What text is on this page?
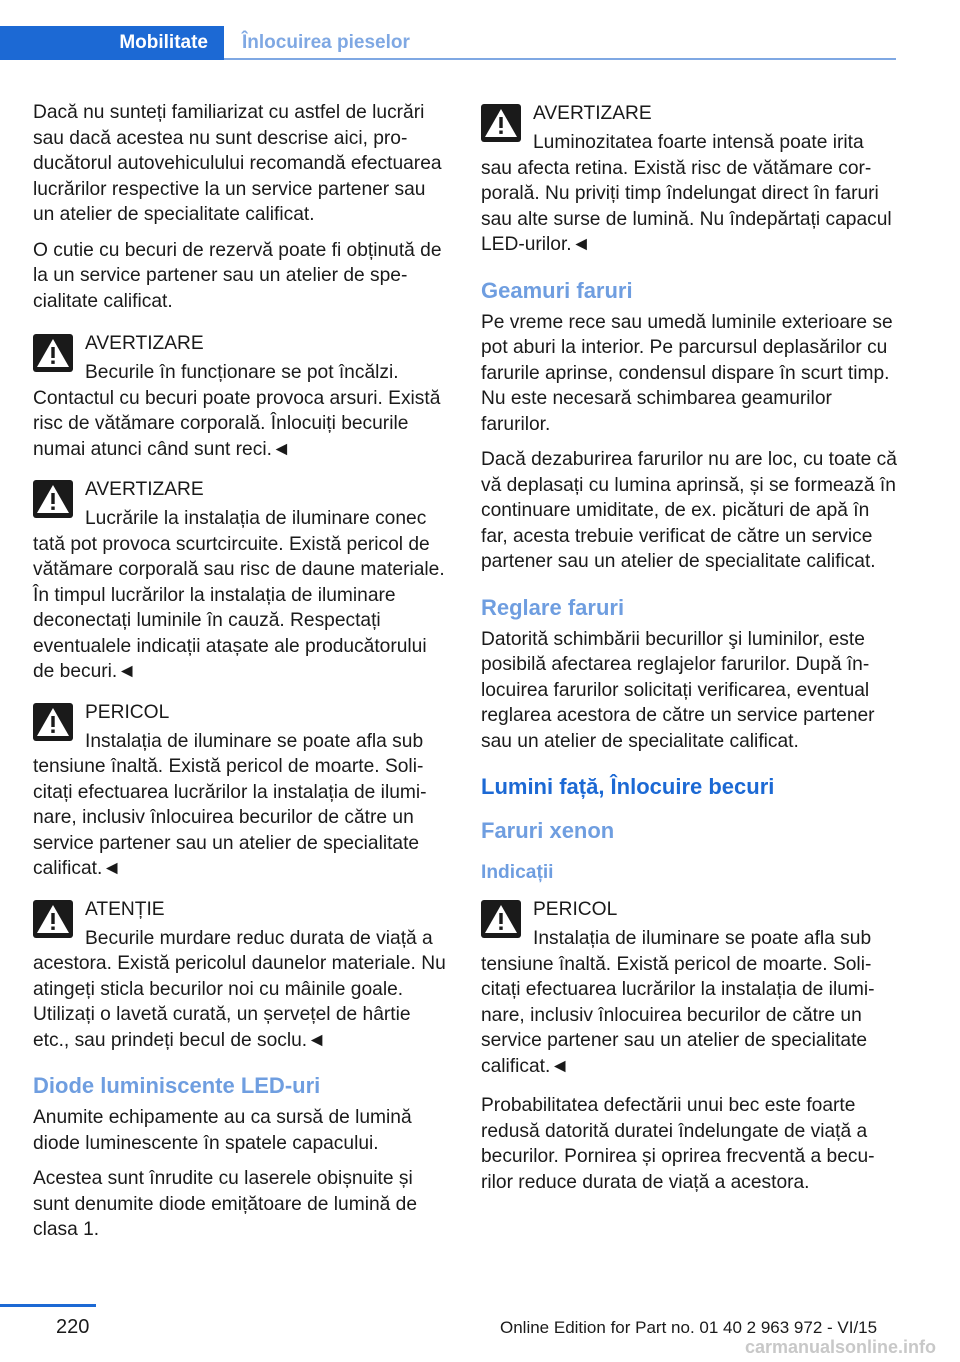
Mobilitate Înlocuirea pieselor

Dacă nu sunteți familiarizat cu astfel de lucrări sau dacă acestea nu sunt descrise aici, producătorul autovehiculului recomandă efectuarea lucrărilor respective la un service partener sau un atelier de specialitate calificat.

O cutie cu becuri de rezervă poate fi obținută de la un service partener sau un atelier de specialitate calificat.

AVERTIZARE
Becurile în funcționare se pot încălzi.
Contactul cu becuri poate provoca arsuri. Există risc de vătămare corporală. Înlocuiți becurile numai atunci când sunt reci.◄
AVERTIZARE
Lucrările la instalația de iluminare conec
tată pot provoca scurtcircuite. Există pericol de vătămare corporală sau risc de daune materiale. În timpul lucrărilor la instalația de iluminare deconectați luminile în cauză. Respectați eventualele indicații atașate ale producătorului de becuri.◄
PERICOL
Instalația de iluminare se poate afla sub
tensiune înaltă. Există pericol de moarte. Solicitați efectuarea lucrărilor la instalația de iluminare, inclusiv înlocuirea becurilor de către un service partener sau un atelier de specialitate calificat.◄
ATENȚIE
Becurile murdare reduc durata de viață a
acestora. Există pericolul daunelor materiale. Nu atingeți sticla becurilor noi cu mâinile goale. Utilizați o lavetă curată, un șervețel de hârtie etc., sau prindeți becul de soclu.◄
Diode luminiscente LED-uri

Anumite echipamente au ca sursă de lumină diode luminescente în spatele capacului.

Acestea sunt înrudite cu laserele obișnuite și sunt denumite diode emițătoare de lumină de clasa 1.

AVERTIZARE
Luminozitatea foarte intensă poate irita
sau afecta retina. Există risc de vătămare corporală. Nu priviți timp îndelungat direct în faruri sau alte surse de lumină. Nu îndepărtați capacul LED-urilor.◄
Geamuri faruri

Pe vreme rece sau umedă luminile exterioare se pot aburi la interior. Pe parcursul deplasărilor cu farurile aprinse, condensul dispare în scurt timp. Nu este necesară schimbarea geamurilor farurilor.

Dacă dezaburirea farurilor nu are loc, cu toate că vă deplasați cu lumina aprinsă, și se formează în continuare umiditate, de ex. picături de apă în far, acesta trebuie verificat de către un service partener sau un atelier de specialitate calificat.

Reglare faruri

Datorită schimbării becurillor şi luminilor, este posibilă afectarea reglajelor farurilor. După înlocuirea farurilor solicitați verificarea, eventual reglarea acestora de către un service partener sau un atelier de specialitate calificat.

Lumini față, Înlocuire becuri
Faruri xenon
Indicații
PERICOL
Instalația de iluminare se poate afla sub
tensiune înaltă. Există pericol de moarte. Solicitați efectuarea lucrărilor la instalația de iluminare, inclusiv înlocuirea becurilor de către un service partener sau un atelier de specialitate calificat.◄

Probabilitatea defectării unui bec este foarte redusă datorită duratei îndelungate de viață a becurilor. Pornirea și oprirea frecventă a becurilor reduce durata de viață a acestora.

220	Online Edition for Part no. 01 40 2 963 972 - VI/15
carmanualsonline.info
